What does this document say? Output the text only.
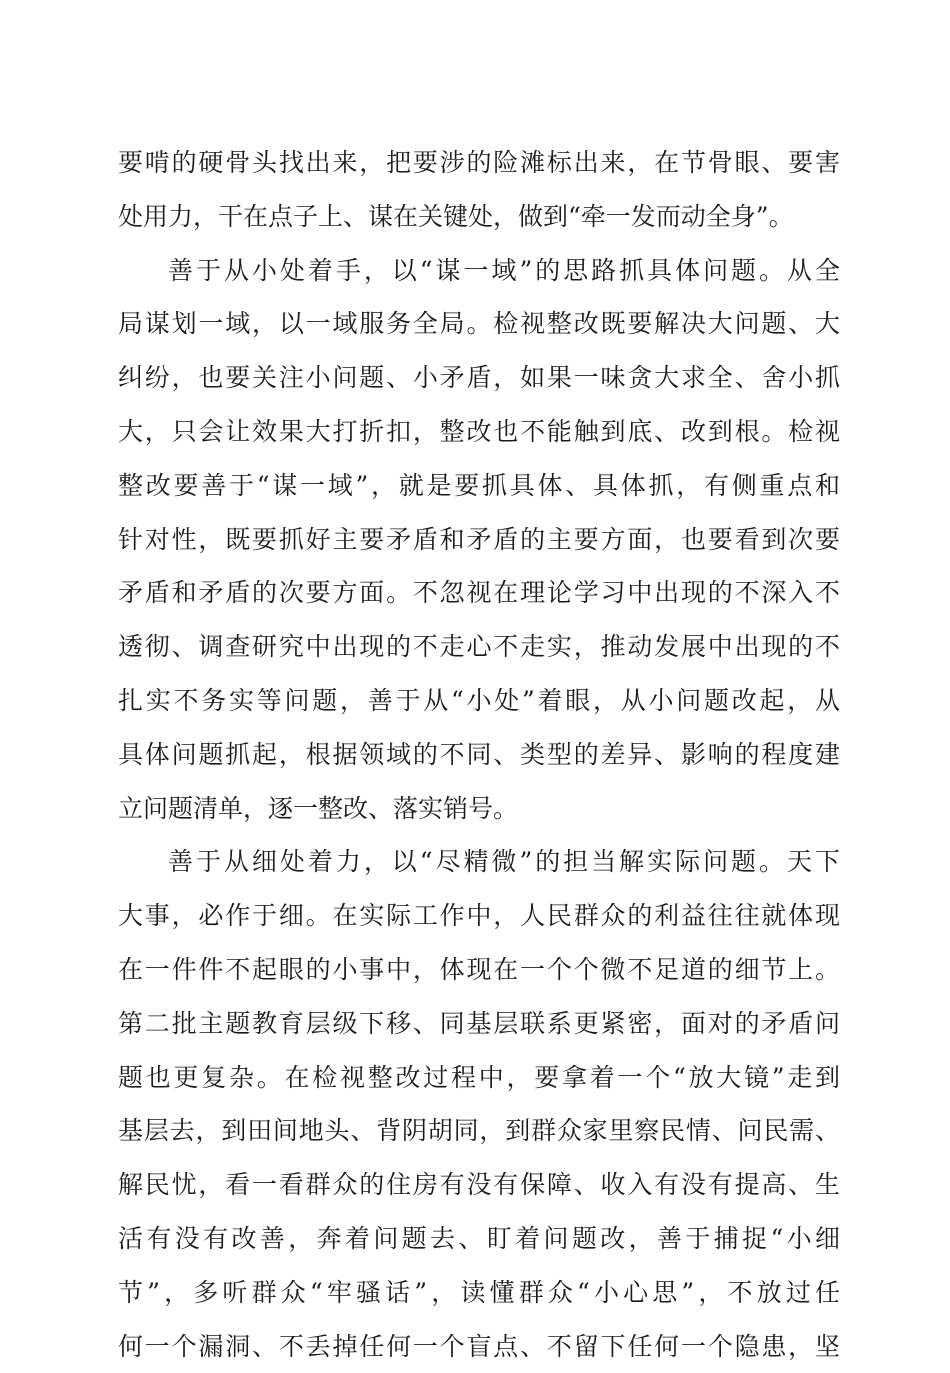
要啃的硬骨头找出来，把要涉的险滩标出来，在节骨眼、要害
处用力，干在点子上、谋在关键处，做到“牵一发而动全身”。
善于从小处着手，以“谋一域”的思路抓具体问题。从全
局谋划一域，以一域服务全局。检视整改既要解决大问题、大
纠纷，也要关注小问题、小矛盾，如果一味贪大求全、舍小抓
大，只会让效果大打折扣，整改也不能触到底、改到根。检视
整改要善于“谋一域”，就是要抓具体、具体抓，有侧重点和
针对性，既要抓好主要矛盾和矛盾的主要方面，也要看到次要
矛盾和矛盾的次要方面。不忽视在理论学习中出现的不深入不
透彻、调查研究中出现的不走心不走实，推动发展中出现的不
扎实不务实等问题，善于从“小处”着眼，从小问题改起，从
具体问题抓起，根据领域的不同、类型的差异、影响的程度建
立问题清单，逐一整改、落实销号。
善于从细处着力，以“尽精微”的担当解实际问题。天下
大事，必作于细。在实际工作中，人民群众的利益往往就体现
在一件件不起眼的小事中，体现在一个个微不足道的细节上。
第二批主题教育层级下移、同基层联系更紧密，面对的矛盾问
题也更复杂。在检视整改过程中，要拿着一个“放大镜”走到
基层去，到田间地头、背阴胡同，到群众家里察民情、问民需、
解民忧，看一看群众的住房有没有保障、收入有没有提高、生
活有没有改善，奔着问题去、盯着问题改，善于捕捉“小细
节”，多听群众“牢骚话”，读懂群众“小心思”，不放过任
何一个漏洞、不丢掉任何一个盲点、不留下任何一个隐患，坚
